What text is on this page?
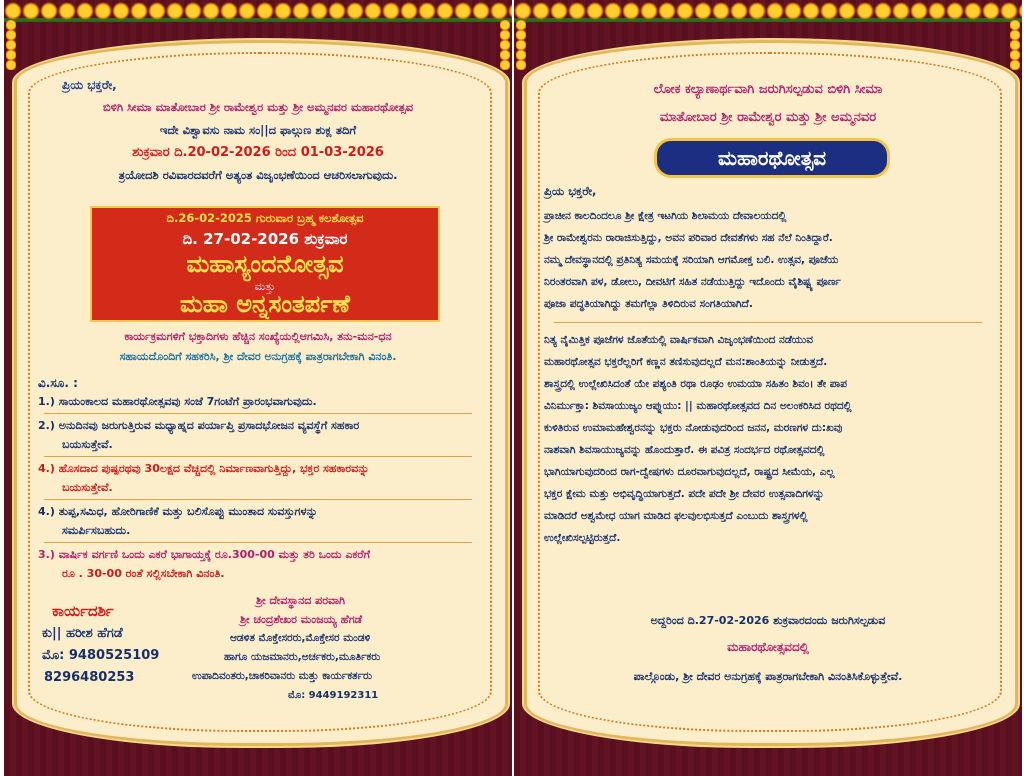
ಪ್ರಿಯ ಭಕ್ತರೇ,

ಬಿಳಿಗಿ ಸೀಮಾ ಮಾತೋಬಾರ ಶ್ರೀ ರಾಮೇಶ್ವರ ಮತ್ತು ಶ್ರೀ ಅಮ್ಮನವರ ಮಹಾರಥೋತ್ಸವ

ಇದೇ ವಿಶ್ವಾವಸು ನಾಮ ಸಂ||ದ ಫಾಲ್ಗುಣ ಶುಕ್ಲ ತದಿಗೆ

ಶುಕ್ರವಾರ ದಿ.20-02-2026 ರಿಂದ 01-03-2026

ತ್ರಯೋದಶಿ ರವಿವಾರದವರೆಗೆ ಅತ್ಯಂತ ವಿಜೃಂಭಣೆಯಿಂದ ಆಚರಿಸಲಾಗುವುದು.

ದಿ.26-02-2025 ಗುರುವಾರ ಬ್ರಹ್ಮ ಕಲಶೋತ್ಸವ

ದಿ. 27-02-2026 ಶುಕ್ರವಾರ

ಮಹಾಸ್ಯಂದನೋತ್ಸವ

ಮತ್ತು

ಮಹಾ ಅನ್ನಸಂತರ್ಪಣೆ

ಕಾರ್ಯಕ್ರಮಗಳಿಗೆ ಭಕ್ತಾದಿಗಳು ಹೆಚ್ಚಿನ ಸಂಖ್ಯೆಯಲ್ಲಿಆಗಮಿಸಿ, ತನು-ಮನ-ಧನ

ಸಹಾಯದೊಂದಿಗೆ ಸಹಕರಿಸಿ, ಶ್ರೀ ದೇವರ ಅನುಗ್ರಹಕ್ಕೆ ಪಾತ್ರರಾಗಬೇಕಾಗಿ ವಿನಂತಿ.

ವಿ.ಸೂ. :

1.) ಸಾಯಂಕಾಲದ ಮಹಾರಥೋತ್ಸವವು ಸಂಜೆ 7ಗಂಟೆಗೆ ಪ್ರಾರಂಭವಾಗುವುದು.

2.) ಅನುದಿನವು ಜರುಗುತ್ತಿರುವ ಮಧ್ಯಾಹ್ನದ ಪರ್ಯಾಪ್ತಿ ಪ್ರಸಾದಭೋಜನ ವ್ಯವಸ್ಥೆಗೆ ಸಹಕಾರ

ಬಯಸುತ್ತೇವೆ.

4.) ಹೊಸದಾದ ಪುಷ್ಪರಥವು 30ಲಕ್ಷದ ವೆಚ್ಚದಲ್ಲಿ ನಿರ್ಮಾಣವಾಗುತ್ತಿದ್ದು, ಭಕ್ತರ ಸಹಕಾರವನ್ನು

ಬಯಸುತ್ತೇವೆ.

4.) ತುಪ್ಪ,ಸಮಿಧ, ಹೋರಿಗಾಣಿಕೆ ಮತ್ತು ಬಲಿಸೊಪ್ಪು ಮುಂತಾದ ಸುವಸ್ತುಗಳನ್ನು

ಸಮರ್ಪಿಸಬಹುದು.

3.) ವಾರ್ಷಿಕ ವರ್ಗಣಿ ಒಂದು ಎಕರೆ ಭಾಗಾಯ್ತಕ್ಕೆ ರೂ.300-00 ಮತ್ತು ತರಿ ಒಂದು ಎಕರೆಗೆ

ರೂ . 30-00 ರಂತೆ ಸಲ್ಲಿಸಬೇಕಾಗಿ ವಿನಂತಿ.

ಕಾರ್ಯದರ್ಶಿ

ಕು|| ಹರೀಶ ಹೆಗಡೆ

ಮೊ: 9480525109

8296480253

ಶ್ರೀ ದೇವಸ್ಥಾನದ ಪರವಾಗಿ

ಶ್ರೀ ಚಂದ್ರಶೇಖರ ಮಂಜಯ್ಯ ಹೆಗಡೆ

ಆಡಳಿತ ಮೊಕ್ತೇಸರರು,ಮೊಕ್ತೇಸರ ಮಂಡಳಿ

ಹಾಗೂ ಯಜಮಾನರು,ಅರ್ಚಕರು,ಮೂರ್ತಿಕರು

ಉಪಾದಿವಂತರು,ಚಾಕರಿವಾನರು ಮತ್ತು ಕಾರ್ಯಕರ್ತರು

ಮೊ: 9449192311

ಲೋಕ ಕಲ್ಯಾಣಾರ್ಥವಾಗಿ ಜರುಗಿಸಲ್ಪಡುವ ಬಿಳಿಗಿ ಸೀಮಾ

ಮಾತೋಬಾರ ಶ್ರೀ ರಾಮೇಶ್ವರ ಮತ್ತು ಶ್ರೀ ಅಮ್ಮನವರ

ಮಹಾರಥೋತ್ಸವ

ಪ್ರಿಯ ಭಕ್ತರೇ,

ಪ್ರಾಚೀನ ಕಾಲದಿಂದಲೂ ಶ್ರೀ ಕ್ಷೇತ್ರ ಇಟಗಿಯ ಶಿಲಾಮಯ ದೇವಾಲಯದಲ್ಲಿ

ಶ್ರೀ ರಾಮೇಶ್ವರನು ರಾರಾಜಿಸುತ್ತಿದ್ದು, ಅವನ ಪರಿವಾರ ದೇವತೆಗಳು ಸಹ ನೆಲೆ ನಿಂತಿದ್ದಾರೆ.

ನಮ್ಮ ದೇವಸ್ಥಾನದಲ್ಲಿ ಪ್ರತಿನಿತ್ಯ ಸಮಯಕ್ಕೆ ಸರಿಯಾಗಿ ಆಗಮೋಕ್ತ ಬಲಿ. ಉತ್ಸವ, ಪೂಜೆಯ

ನಿರಂತರವಾಗಿ ಪಳ, ಡೋಲು, ದೀವಟಿಗೆ ಸಹಿತ ನಡೆಯುತ್ತಿದ್ದು ಇದೊಂದು ವೈಶಿಷ್ಟ್ಯ ಪೂರ್ಣ

ಪೂಜಾ ಪದ್ಧತಿಯಾಗಿದ್ದು ತಮಗೆಲ್ಲಾ ತಿಳಿದಿರುವ ಸಂಗತಿಯಾಗಿದೆ.

ನಿತ್ಯ ನೈಮಿತ್ತಿಕ ಪೂಜೆಗಳ ಜೊತೆಯಲ್ಲಿ ವಾರ್ಷಿಕವಾಗಿ ವಿಜೃಂಭಣೆಯಿಂದ ನಡೆಯುವ

ಮಹಾರಥೋತ್ಸವ ಭಕ್ತರೆಲ್ಲರಿಗೆ ಕಣ್ಣನ ತಣಿಸುವುದಲ್ಲದೆ ಮನ:ಶಾಂತಿಯನ್ನು ನೀಡುತ್ತದೆ.

ಶಾಸ್ತ್ರದಲ್ಲಿ ಉಲ್ಲೇಖಿಸಿದಂತೆ ಯೇ ಪಶ್ಯಂತಿ ರಥಾ ರೂಢಂ ಉಮಯಾ ಸಹಿತಂ ಶಿವಂ। ತೇ ಪಾಪ

ವಿನಿರ್ಮುಕ್ತಾ: ಶಿವಸಾಯುಜ್ಯಂ ಆಪ್ನುಯು: || ಮಹಾರಥೋತ್ಸವದ ದಿನ ಅಲಂಕರಿಸಿದ ರಥದಲ್ಲಿ

ಕುಳಿತಿರುವ ಉಮಾಮಹೇಶ್ವರನನ್ನು ಭಕ್ತರು ನೋಡುವುದರಿಂದ ಜನನ, ಮರಣಗಳ ದು:ಖವು

ನಾಶವಾಗಿ ಶಿವಸಾಯುಜ್ಯವನ್ನು ಹೊಂದುತ್ತಾರೆ. ಈ ಪವಿತ್ರ ಸಂದರ್ಭದ ರಥೋತ್ಸವದಲ್ಲಿ

ಭಾಗಿಯಾಗುವುದರಿಂದ ರಾಗ-ದ್ವೇಷಗಳು ದೂರವಾಗುವುದಲ್ಲದೆ, ರಾಷ್ಟ್ರದ ಸೀಮೆಯ, ಎಲ್ಲ

ಭಕ್ತರ ಕ್ಷೇಮ ಮತ್ತು ಅಭಿವೃದ್ಧಿಯಾಗುತ್ತದೆ. ಪದೇ ಪದೇ ಶ್ರೀ ದೇವರ ಉತ್ಸವಾದಿಗಳನ್ನು

ಮಾಡಿದರೆ ಅಶ್ವಮೇಧ ಯಾಗ ಮಾಡಿದ ಫಲವುಲಭಿಸುತ್ತದೆ ಎಂಬುದು ಶಾಸ್ತ್ರಗಳಲ್ಲಿ

ಉಲ್ಲೇಖಿಸಲ್ಪಟ್ಟಿರುತ್ತದೆ.

ಅದ್ದರಿಂದ ದಿ.27-02-2026 ಶುಕ್ರವಾರದಂದು ಜರುಗಿಸಲ್ಪಡುವ

ಮಹಾರಥೋತ್ಸವದಲ್ಲಿ

ಪಾಲ್ಗೊಂಡು, ಶ್ರೀ ದೇವರ ಅನುಗ್ರಹಕ್ಕೆ ಪಾತ್ರರಾಗಬೇಕಾಗಿ ವಿನಂತಿಸಿಕೊಳ್ಳುತ್ತೇವೆ.
